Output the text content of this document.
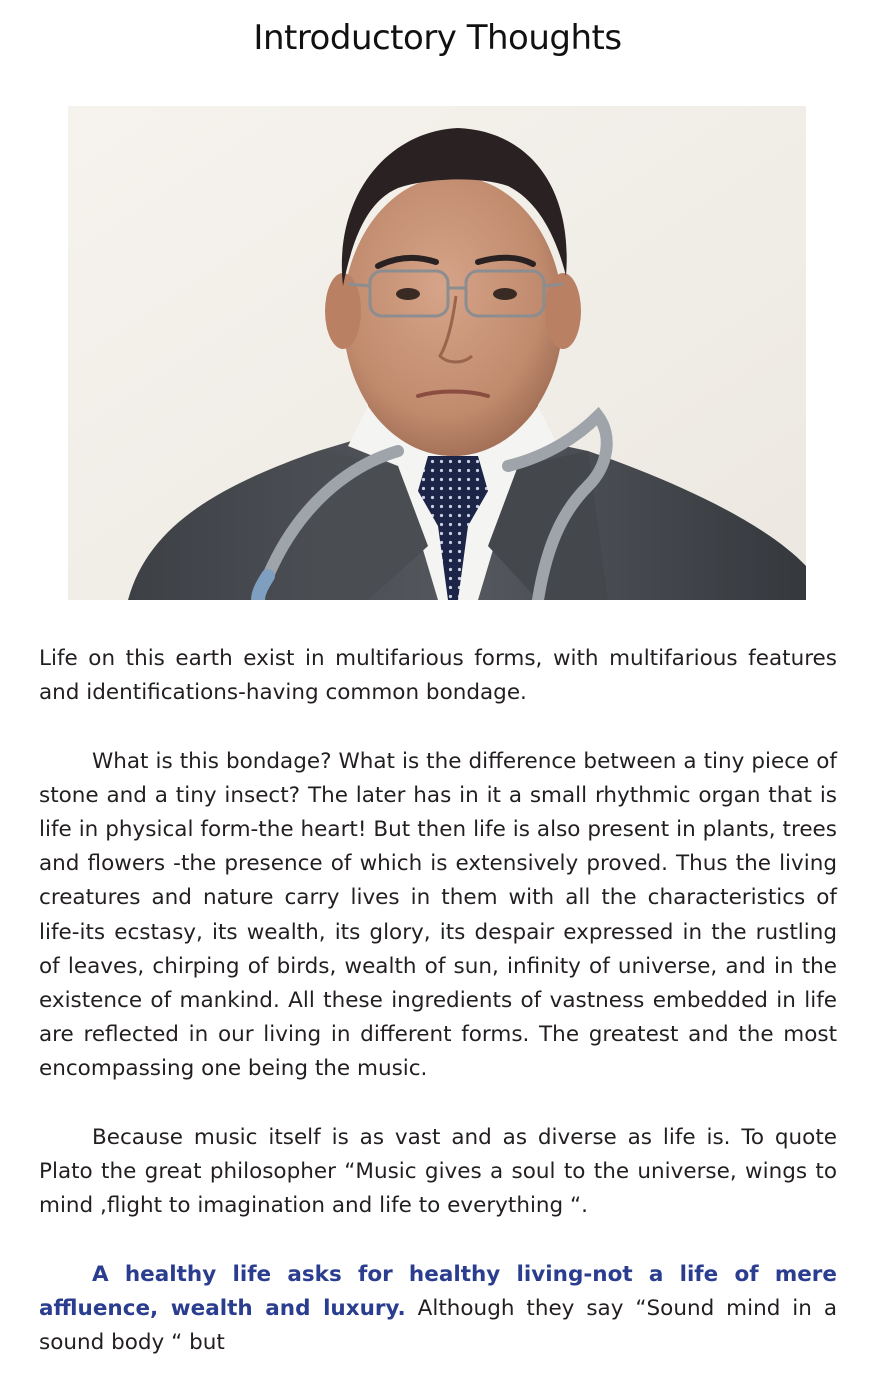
Introductory Thoughts

Life on this earth exist in multifarious forms, with multifarious features and identifications-having common bondage.

What is this bondage? What is the difference between a tiny piece of stone and a tiny insect? The later has in it a small rhythmic organ that is life in physical form-the heart! But then life is also present in plants, trees and flowers -the presence of which is extensively proved. Thus the living creatures and nature carry lives in them with all the characteristics of life-its ecstasy, its wealth, its glory, its despair expressed in the rustling of leaves, chirping of birds, wealth of sun, infinity of universe, and in the existence of mankind. All these ingredients of vastness embedded in life are reflected in our living in different forms. The greatest and the most encompassing one being the music.

Because music itself is as vast and as diverse as life is. To quote Plato the great philosopher “Music gives a soul to the universe, wings to mind ,flight to imagination and life to everything “.

A healthy life asks for healthy living-not a life of mere affluence, wealth and luxury. Although they say “Sound mind in a sound body “ but
